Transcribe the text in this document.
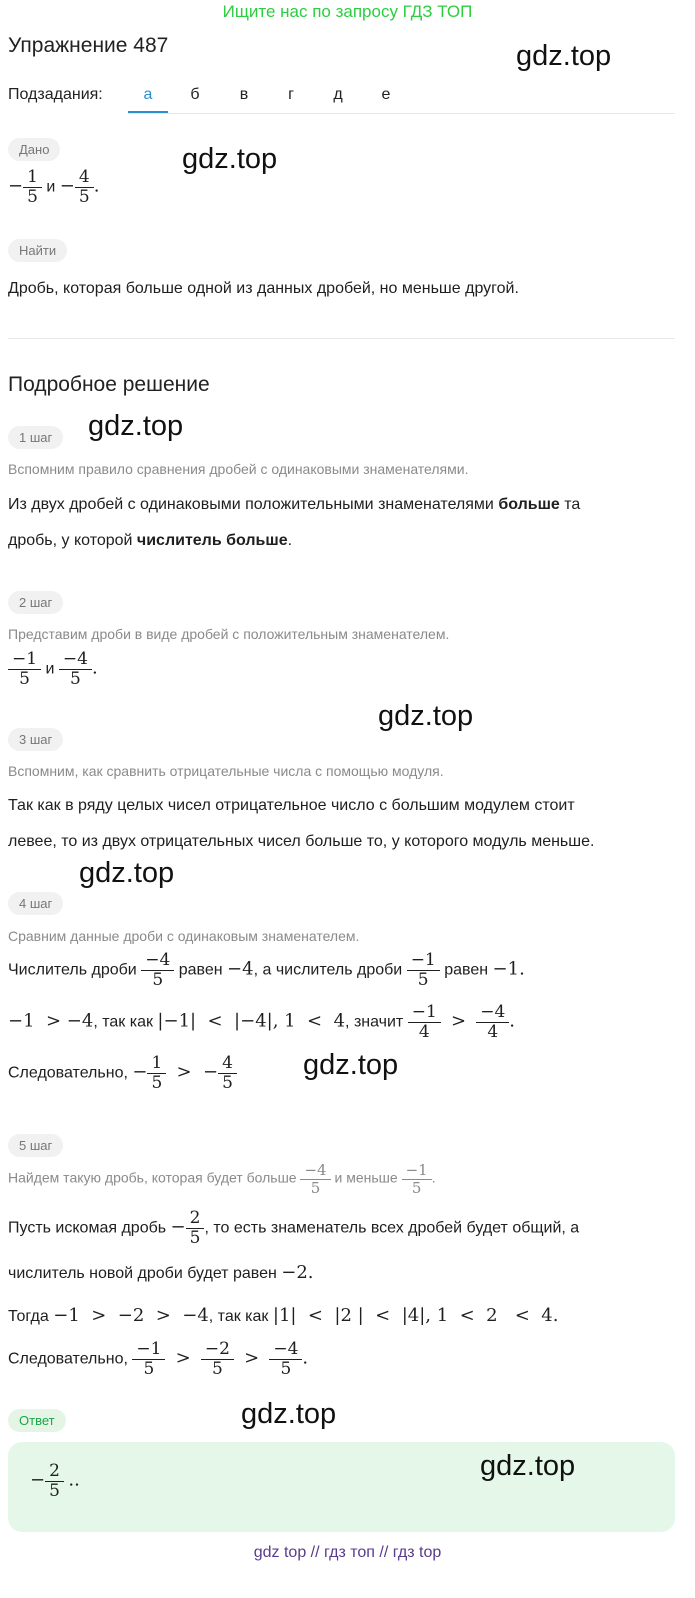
Ищите нас по запросу ГДЗ ТОП
Упражнение 487	gdz.top
Подзадания:	а	б	в	г	д	е
Дано	gdz.top
− $\frac{1}{5}$ $и - \frac{4}{5}$ .
Найти
Дробь, которая больше одной из данных дробей, но меньше другой.
Подробное решение
1 шаг	gdz.top
Вспомним правило сравнения дробей с одинаковыми знаменателями.
Из двух дробей с одинаковыми положительными знаменателями больше та
дробь, у которой числитель больше.
2 шаг
Представим дроби в виде дробей с положительным знаменателем.
$\frac{-1}{5}$ и $\frac{-4}{5}$ .
gdz.top
3 шаг
Вспомним, как сравнить отрицательные числа с помощью модуля.
Так как в ряду целых чисел отрицательное число с большим модулем стоит
левее, то из двух отрицательных чисел больше то, у которого модуль меньше.
gdz.top
4 шаг
Сравним данные дроби с одинаковым знаменателем.
Числитель дроби $\frac{-4}{5}$ равен −4, а числитель дроби $\frac{-1}{5}$ равен −1.
−1  > −4, так как |−1|  <  |−4|, 1  <  4, значит $\frac{-1}{4} > \frac{-4}{4}$ .
Следовательно, − $\frac{1}{5}$ >  − $\frac{4}{5} gdz.top$
5 шаг
Найдем такую дробь, которая будет больше $\frac{-4}{5}$ и меньше $\frac{-1}{5}$ .
Пусть искомая дробь − $\frac{2}{5}$ , то есть знаменатель всех дробей будет общий, а
числитель новой дроби будет равен −2.
Тогда −1  >  −2  >  −4, так как |1|  <  |2 |  <  |4|, 1  <  2   <  4.
Следовательно, $\frac{-1}{5} > \frac{-2}{5} > \frac{-4}{5}$ .
Ответ	gdz.top
− $\frac{2}{5}$ ..	gdz.top
gdz top // гдз топ // гдз top
